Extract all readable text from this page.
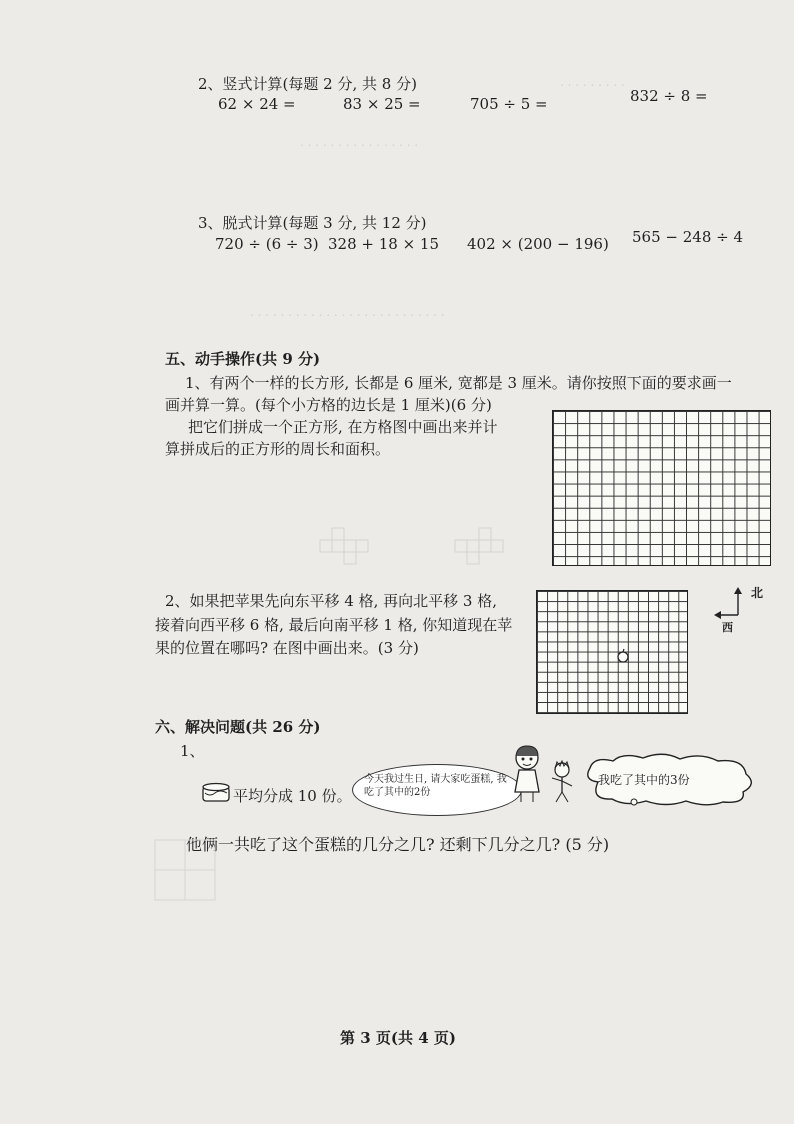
. . . . . . . . .
. . . . . . . . . . . . . . . .
. . . . . . . . . . . . . . . . . . . . . . . . . .
2、竖式计算(每题 2 分, 共 8 分)
62 × 24 =	83 × 25 =	705 ÷ 5 =	832 ÷ 8 =
3、脱式计算(每题 3 分, 共 12 分)
720 ÷ (6 ÷ 3) 328 + 18 × 15 402 × (200 − 196) 565 − 248 ÷ 4
五、动手操作(共 9 分)
1、有两个一样的长方形, 长都是 6 厘米, 宽都是 3 厘米。请你按照下面的要求画一
画并算一算。(每个小方格的边长是 1 厘米)(6 分)
把它们拼成一个正方形, 在方格图中画出来并计
算拼成后的正方形的周长和面积。
2、如果把苹果先向东平移 4 格, 再向北平移 3 格,
接着向西平移 6 格, 最后向南平移 1 格, 你知道现在苹
果的位置在哪吗? 在图中画出来。(3 分)
北
西
六、解决问题(共 26 分)
1、
平均分成 10 份。
今天我过生日, 请大家吃蛋糕, 我吃了其中的2份
我吃了其中的3份
他俩一共吃了这个蛋糕的几分之几? 还剩下几分之几? (5 分)
第 3 页(共 4 页)
